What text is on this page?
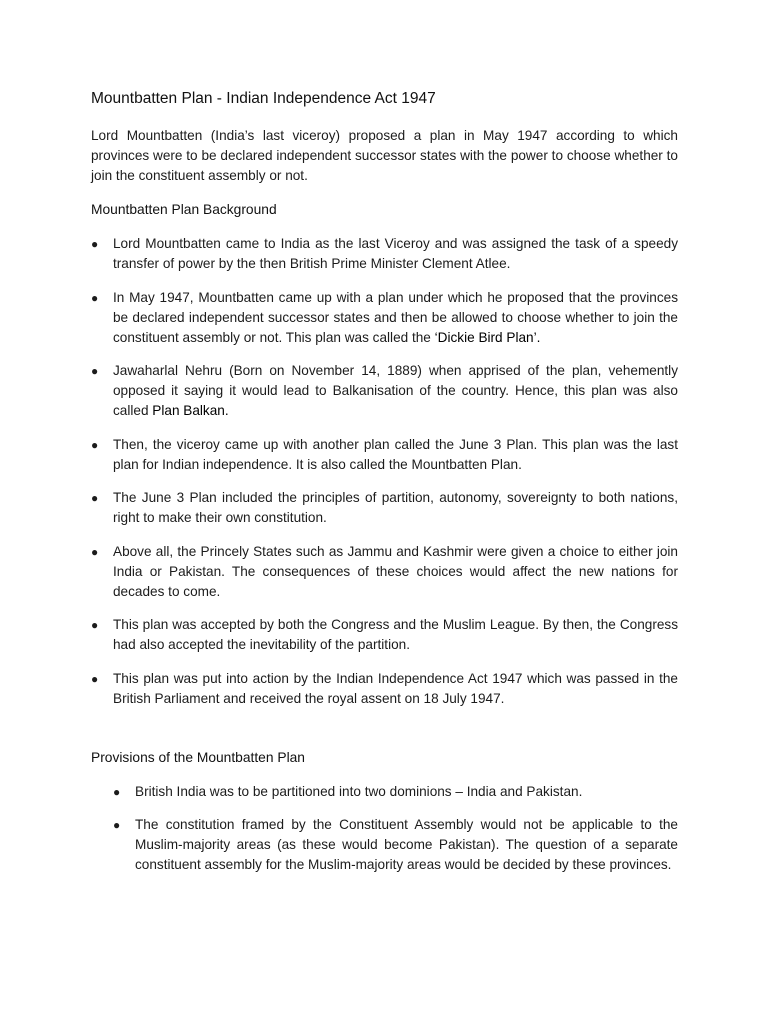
Mountbatten Plan - Indian Independence Act 1947

Lord Mountbatten (India’s last viceroy) proposed a plan in May 1947 according to which provinces were to be declared independent successor states with the power to choose whether to join the constituent assembly or not.

Mountbatten Plan Background
● Lord Mountbatten came to India as the last Viceroy and was assigned the task of a speedy transfer of power by the then British Prime Minister Clement Atlee.
● In May 1947, Mountbatten came up with a plan under which he proposed that the provinces be declared independent successor states and then be allowed to choose whether to join the constituent assembly or not. This plan was called the ‘Dickie Bird Plan’.
● Jawaharlal Nehru (Born on November 14, 1889) when apprised of the plan, vehemently opposed it saying it would lead to Balkanisation of the country. Hence, this plan was also called Plan Balkan.
● Then, the viceroy came up with another plan called the June 3 Plan. This plan was the last plan for Indian independence. It is also called the Mountbatten Plan.
● The June 3 Plan included the principles of partition, autonomy, sovereignty to both nations, right to make their own constitution.
● Above all, the Princely States such as Jammu and Kashmir were given a choice to either join India or Pakistan. The consequences of these choices would affect the new nations for decades to come.
● This plan was accepted by both the Congress and the Muslim League. By then, the Congress had also accepted the inevitability of the partition.
● This plan was put into action by the Indian Independence Act 1947 which was passed in the British Parliament and received the royal assent on 18 July 1947.
Provisions of the Mountbatten Plan
● British India was to be partitioned into two dominions – India and Pakistan.
● The constitution framed by the Constituent Assembly would not be applicable to the Muslim-majority areas (as these would become Pakistan). The question of a separate constituent assembly for the Muslim-majority areas would be decided by these provinces.
